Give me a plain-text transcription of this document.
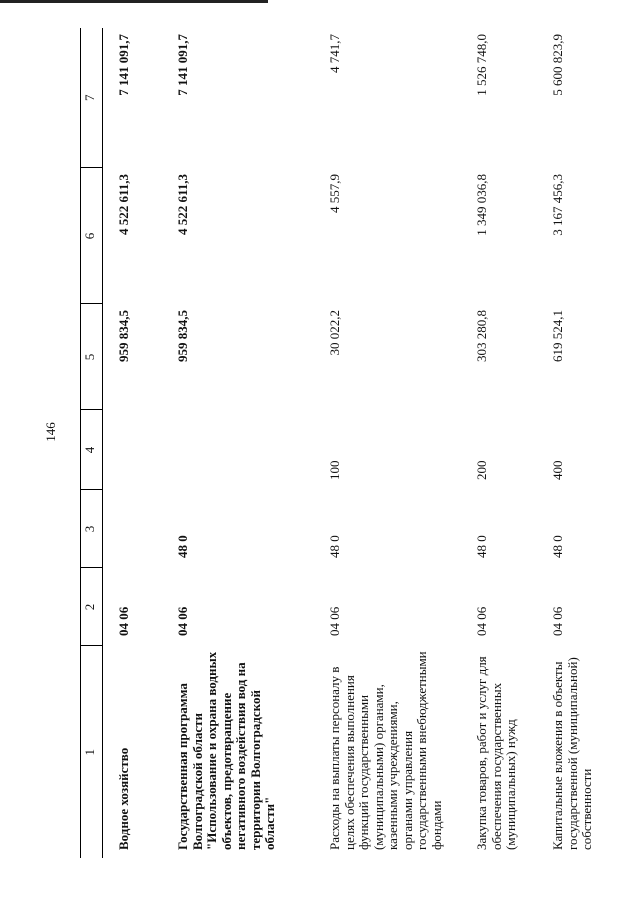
146
1	2	3	4	5	6	7
Водное хозяйство	04 06			959 834,5	4 522 611,3	7 141 091,7
Государственная программа Волгоградской области "Использование и охрана водных объектов, предотвращение негативного воздействия вод на территории Волгоградской области"	04 06	48 0		959 834,5	4 522 611,3	7 141 091,7
Расходы на выплаты персоналу в целях обеспечения выполнения функций государственными (муниципальными) органами, казенными учреждениями, органами управления государственными внебюджетными фондами	04 06	48 0	100	30 022,2	4 557,9	4 741,7
Закупка товаров, работ и услуг для обеспечения государственных (муниципальных) нужд	04 06	48 0	200	303 280,8	1 349 036,8	1 526 748,0
Капитальные вложения в объекты государственной (муниципальной) собственности	04 06	48 0	400	619 524,1	3 167 456,3	5 600 823,9
